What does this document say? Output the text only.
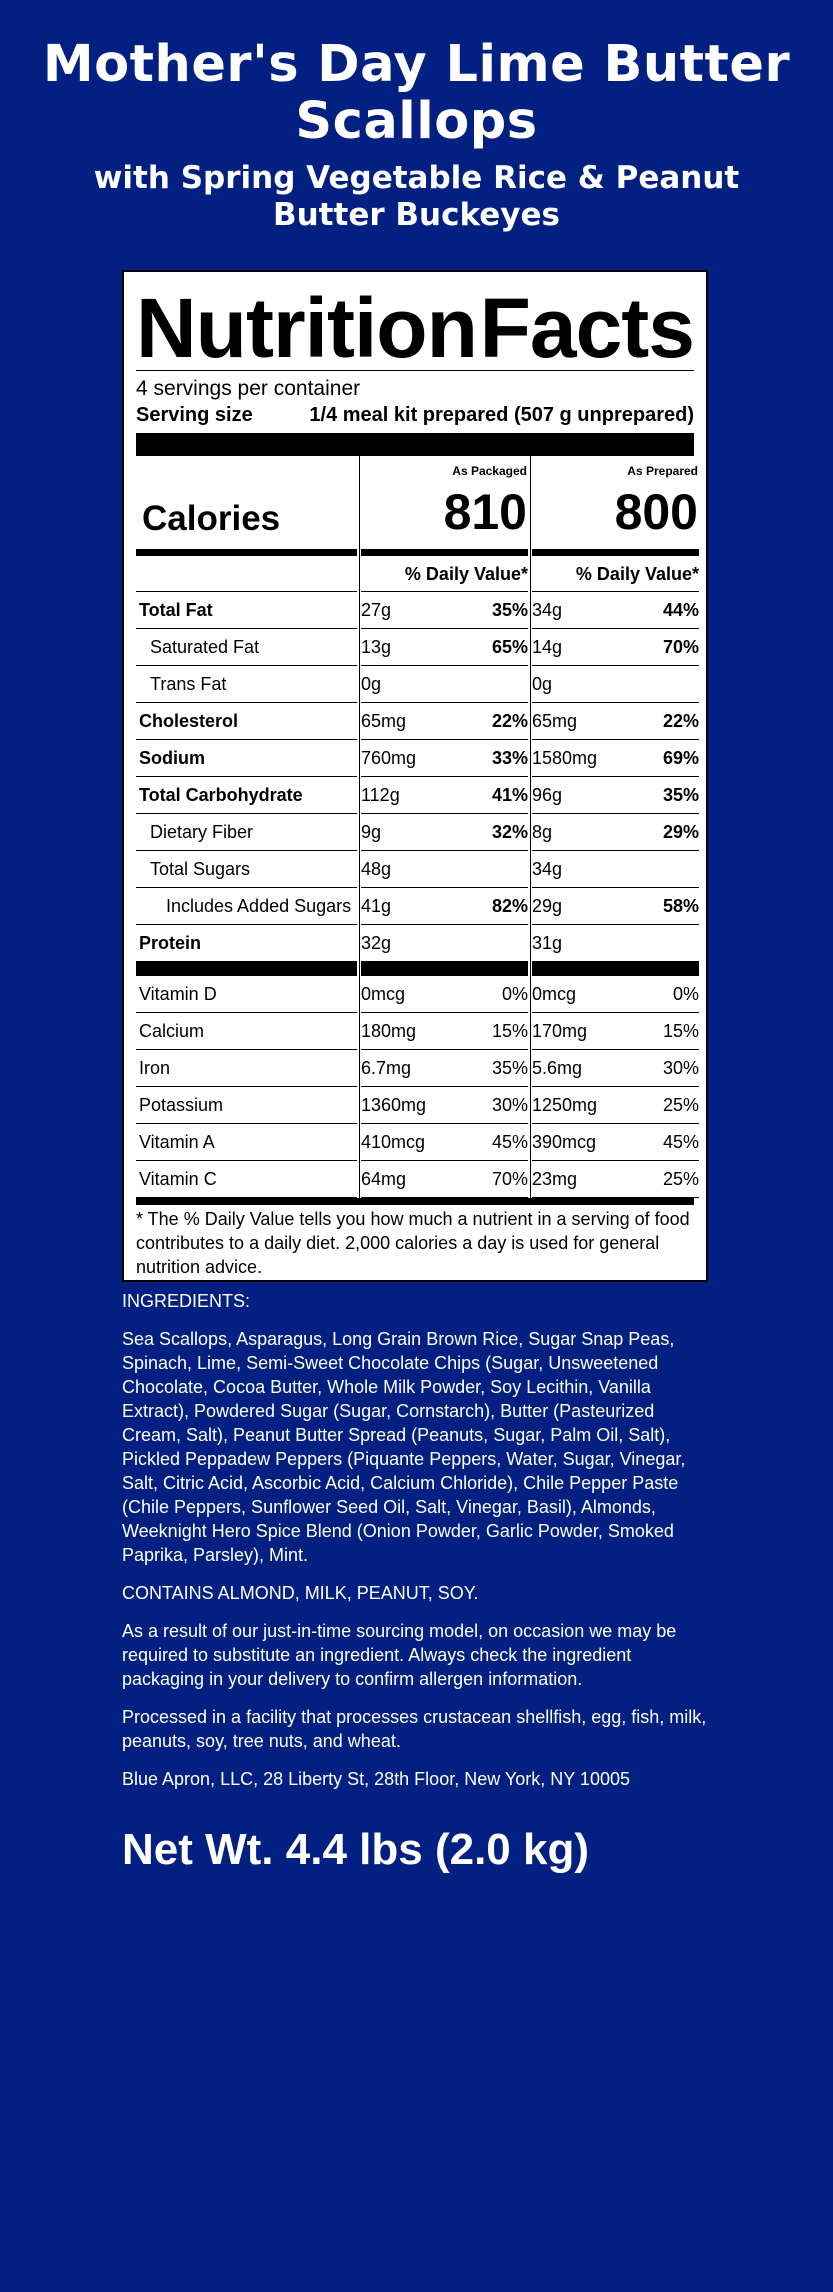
Mother's Day Lime Butter Scallops
with Spring Vegetable Rice & Peanut Butter Buckeyes
Nutrition Facts
4 servings per container
Serving size	1/4 meal kit prepared (507 g unprepared)
Calories
As Packaged
810
As Prepared
800
% Daily Value*	% Daily Value*
Total Fat	27g	35% 34g	44%
Saturated Fat	13g	65% 14g	70%
Trans Fat	0g	0g
Cholesterol	65mg	22% 65mg	22%
Sodium	760mg	33% 1580mg	69%
Total Carbohydrate	112g	41% 96g	35%
Dietary Fiber	9g	32% 8g	29%
Total Sugars	48g	34g
Includes Added Sugars 41g	82% 29g	58%
Protein	32g	31g
Vitamin D	0mcg	0% 0mcg	0%
Calcium	180mg	15% 170mg	15%
Iron	6.7mg	35% 5.6mg	30%
Potassium	1360mg	30% 1250mg	25%
Vitamin A	410mcg	45% 390mcg	45%
Vitamin C	64mg	70% 23mg	25%
* The % Daily Value tells you how much a nutrient in a serving of food contributes to a daily diet. 2,000 calories a day is used for general nutrition advice.

INGREDIENTS:

Sea Scallops, Asparagus, Long Grain Brown Rice, Sugar Snap Peas, Spinach, Lime, Semi-Sweet Chocolate Chips (Sugar, Unsweetened Chocolate, Cocoa Butter, Whole Milk Powder, Soy Lecithin, Vanilla Extract), Powdered Sugar (Sugar, Cornstarch), Butter (Pasteurized Cream, Salt), Peanut Butter Spread (Peanuts, Sugar, Palm Oil, Salt), Pickled Peppadew Peppers (Piquante Peppers, Water, Sugar, Vinegar, Salt, Citric Acid, Ascorbic Acid, Calcium Chloride), Chile Pepper Paste (Chile Peppers, Sunflower Seed Oil, Salt, Vinegar, Basil), Almonds, Weeknight Hero Spice Blend (Onion Powder, Garlic Powder, Smoked Paprika, Parsley), Mint.

CONTAINS ALMOND, MILK, PEANUT, SOY.

As a result of our just-in-time sourcing model, on occasion we may be required to substitute an ingredient. Always check the ingredient packaging in your delivery to confirm allergen information.

Processed in a facility that processes crustacean shellfish, egg, fish, milk, peanuts, soy, tree nuts, and wheat.

Blue Apron, LLC, 28 Liberty St, 28th Floor, New York, NY 10005

Net Wt. 4.4 lbs (2.0 kg)
